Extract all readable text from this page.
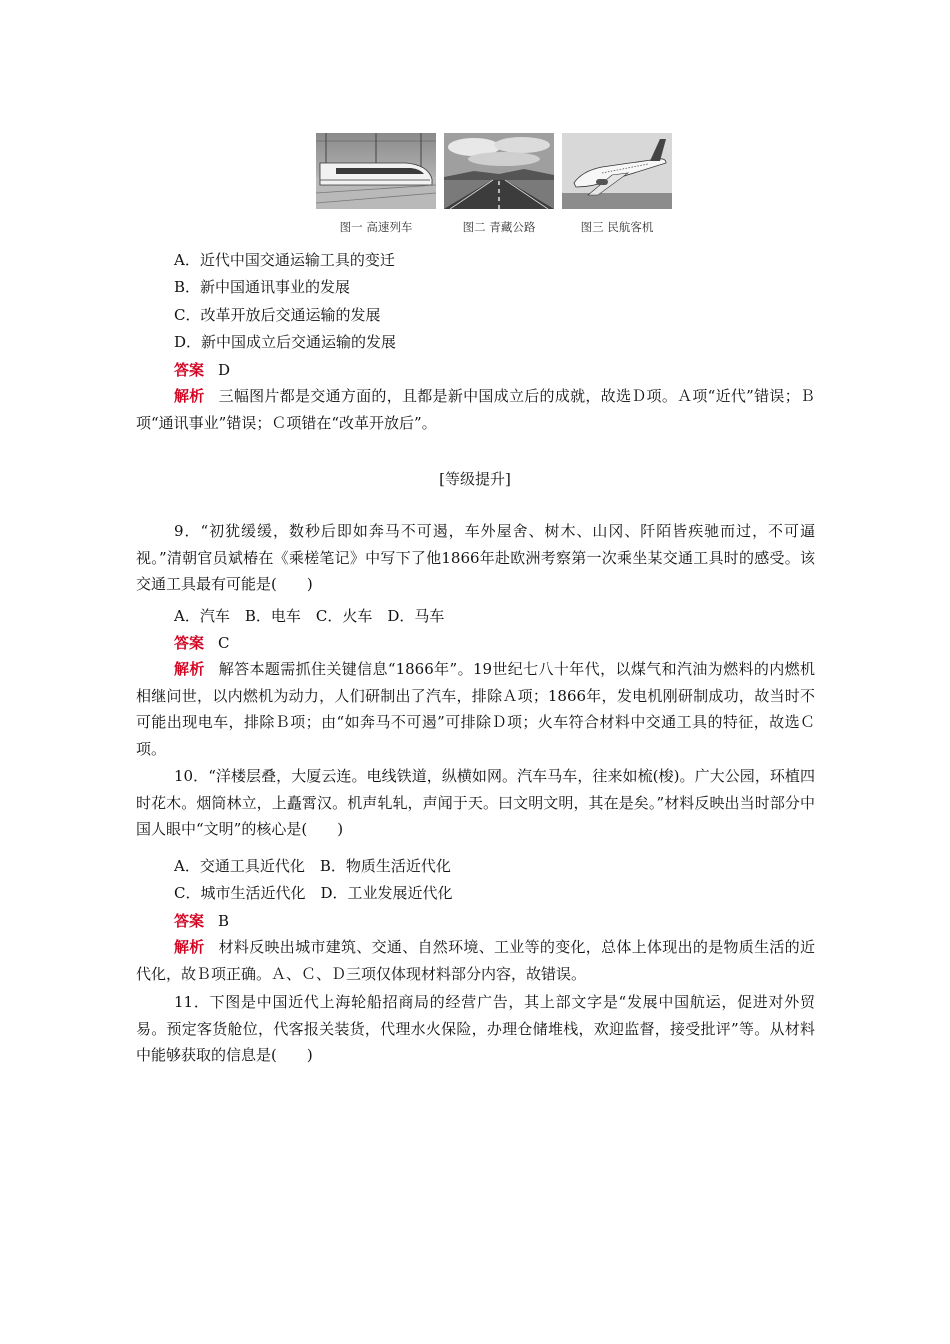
图一 高速列车	图二 青藏公路	图三 民航客机
A．近代中国交通运输工具的变迁
B．新中国通讯事业的发展
C．改革开放后交通运输的发展
D．新中国成立后交通运输的发展
答案 D

解析 三幅图片都是交通方面的，且都是新中国成立后的成就，故选Ｄ项。Ａ项“近代”错误；Ｂ项“通讯事业”错误；Ｃ项错在“改革开放后”。

[等级提升]

9．“初犹缓缓，数秒后即如奔马不可遏，车外屋舍、树木、山冈、阡陌皆疾驰而过，不可逼视。”清朝官员斌椿在《乘槎笔记》中写下了他1866年赴欧洲考察第一次乘坐某交通工具时的感受。该交通工具最有可能是(　　)

A．汽车　B．电车　C．火车　D．马车
答案 C

解析 解答本题需抓住关键信息“1866年”。19世纪七八十年代，以煤气和汽油为燃料的内燃机相继问世，以内燃机为动力，人们研制出了汽车，排除Ａ项；1866年，发电机刚研制成功，故当时不可能出现电车，排除Ｂ项；由“如奔马不可遏”可排除Ｄ项；火车符合材料中交通工具的特征，故选Ｃ项。

10．“洋楼层叠，大厦云连。电线铁道，纵横如网。汽车马车，往来如梳(梭)。广大公园，环植四时花木。烟筒林立，上矗霄汉。机声轧轧，声闻于天。曰文明文明，其在是矣。”材料反映出当时部分中国人眼中“文明”的核心是(　　)

A．交通工具近代化　B．物质生活近代化
C．城市生活近代化　D．工业发展近代化
答案 B

解析 材料反映出城市建筑、交通、自然环境、工业等的变化，总体上体现出的是物质生活的近代化，故Ｂ项正确。Ａ、Ｃ、Ｄ三项仅体现材料部分内容，故错误。

11．下图是中国近代上海轮船招商局的经营广告，其上部文字是“发展中国航运，促进对外贸易。预定客货舱位，代客报关装货，代理水火保险，办理仓储堆栈，欢迎监督，接受批评”等。从材料中能够获取的信息是(　　)
